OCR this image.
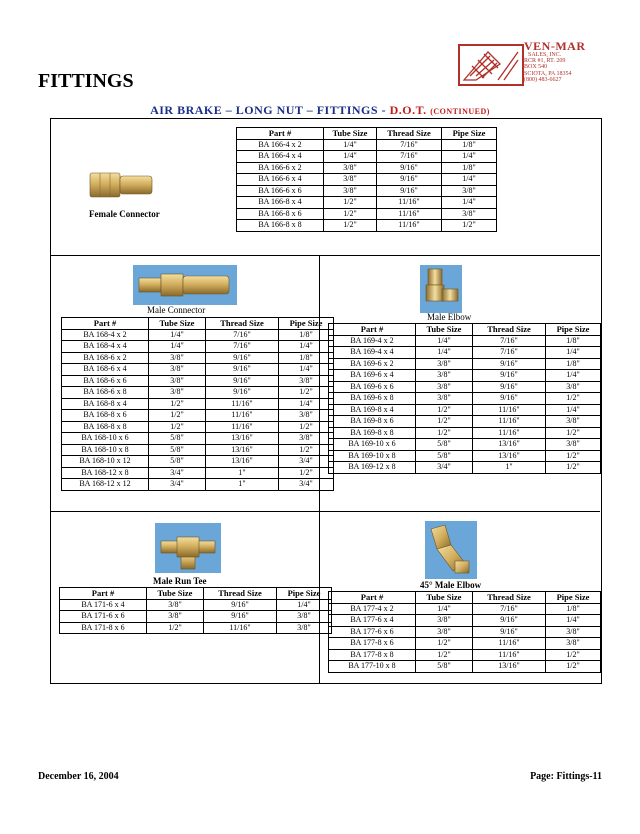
VEN-MAR
SALES, INC.
RCR #1, RT. 209
BOX 540
SCIOTA, PA 18354
(800) 483-6627
FITTINGS
AIR BRAKE – LONG NUT – FITTINGS - D.O.T. (CONTINUED)
Female Connector
Part #	Tube Size	Thread Size	Pipe Size
BA 166-4 x 2	1/4"	7/16"	1/8"
BA 166-4 x 4	1/4"	7/16"	1/4"
BA 166-6 x 2	3/8"	9/16"	1/8"
BA 166-6 x 4	3/8"	9/16"	1/4"
BA 166-6 x 6	3/8"	9/16"	3/8"
BA 166-8 x 4	1/2"	11/16"	1/4"
BA 166-8 x 6	1/2"	11/16"	3/8"
BA 166-8 x 8	1/2"	11/16"	1/2"
Male Connector
Part #	Tube Size	Thread Size	Pipe Size
BA 168-4 x 2	1/4"	7/16"	1/8"
BA 168-4 x 4	1/4"	7/16"	1/4"
BA 168-6 x 2	3/8"	9/16"	1/8"
BA 168-6 x 4	3/8"	9/16"	1/4"
BA 168-6 x 6	3/8"	9/16"	3/8"
BA 168-6 x 8	3/8"	9/16"	1/2"
BA 168-8 x 4	1/2"	11/16"	1/4"
BA 168-8 x 6	1/2"	11/16"	3/8"
BA 168-8 x 8	1/2"	11/16"	1/2"
BA 168-10 x 6	5/8"	13/16"	3/8"
BA 168-10 x 8	5/8"	13/16"	1/2"
BA 168-10 x 12	5/8"	13/16"	3/4"
BA 168-12 x 8	3/4"	1"	1/2"
BA 168-12 x 12	3/4"	1"	3/4"
Male Elbow
Part #	Tube Size	Thread Size	Pipe Size
BA 169-4 x 2	1/4"	7/16"	1/8"
BA 169-4 x 4	1/4"	7/16"	1/4"
BA 169-6 x 2	3/8"	9/16"	1/8"
BA 169-6 x 4	3/8"	9/16"	1/4"
BA 169-6 x 6	3/8"	9/16"	3/8"
BA 169-6 x 8	3/8"	9/16"	1/2"
BA 169-8 x 4	1/2"	11/16"	1/4"
BA 169-8 x 6	1/2"	11/16"	3/8"
BA 169-8 x 8	1/2"	11/16"	1/2"
BA 169-10 x 6	5/8"	13/16"	3/8"
BA 169-10 x 8	5/8"	13/16"	1/2"
BA 169-12 x 8	3/4"	1"	1/2"
Male Run Tee
Part #	Tube Size	Thread Size	Pipe Size
BA 171-6 x 4	3/8"	9/16"	1/4"
BA 171-6 x 6	3/8"	9/16"	3/8"
BA 171-8 x 6	1/2"	11/16"	3/8"
45° Male Elbow
Part #	Tube Size	Thread Size	Pipe Size
BA 177-4 x 2	1/4"	7/16"	1/8"
BA 177-6 x 4	3/8"	9/16"	1/4"
BA 177-6 x 6	3/8"	9/16"	3/8"
BA 177-8 x 6	1/2"	11/16"	3/8"
BA 177-8 x 8	1/2"	11/16"	1/2"
BA 177-10 x 8	5/8"	13/16"	1/2"
December 16, 2004	Page: Fittings-11
